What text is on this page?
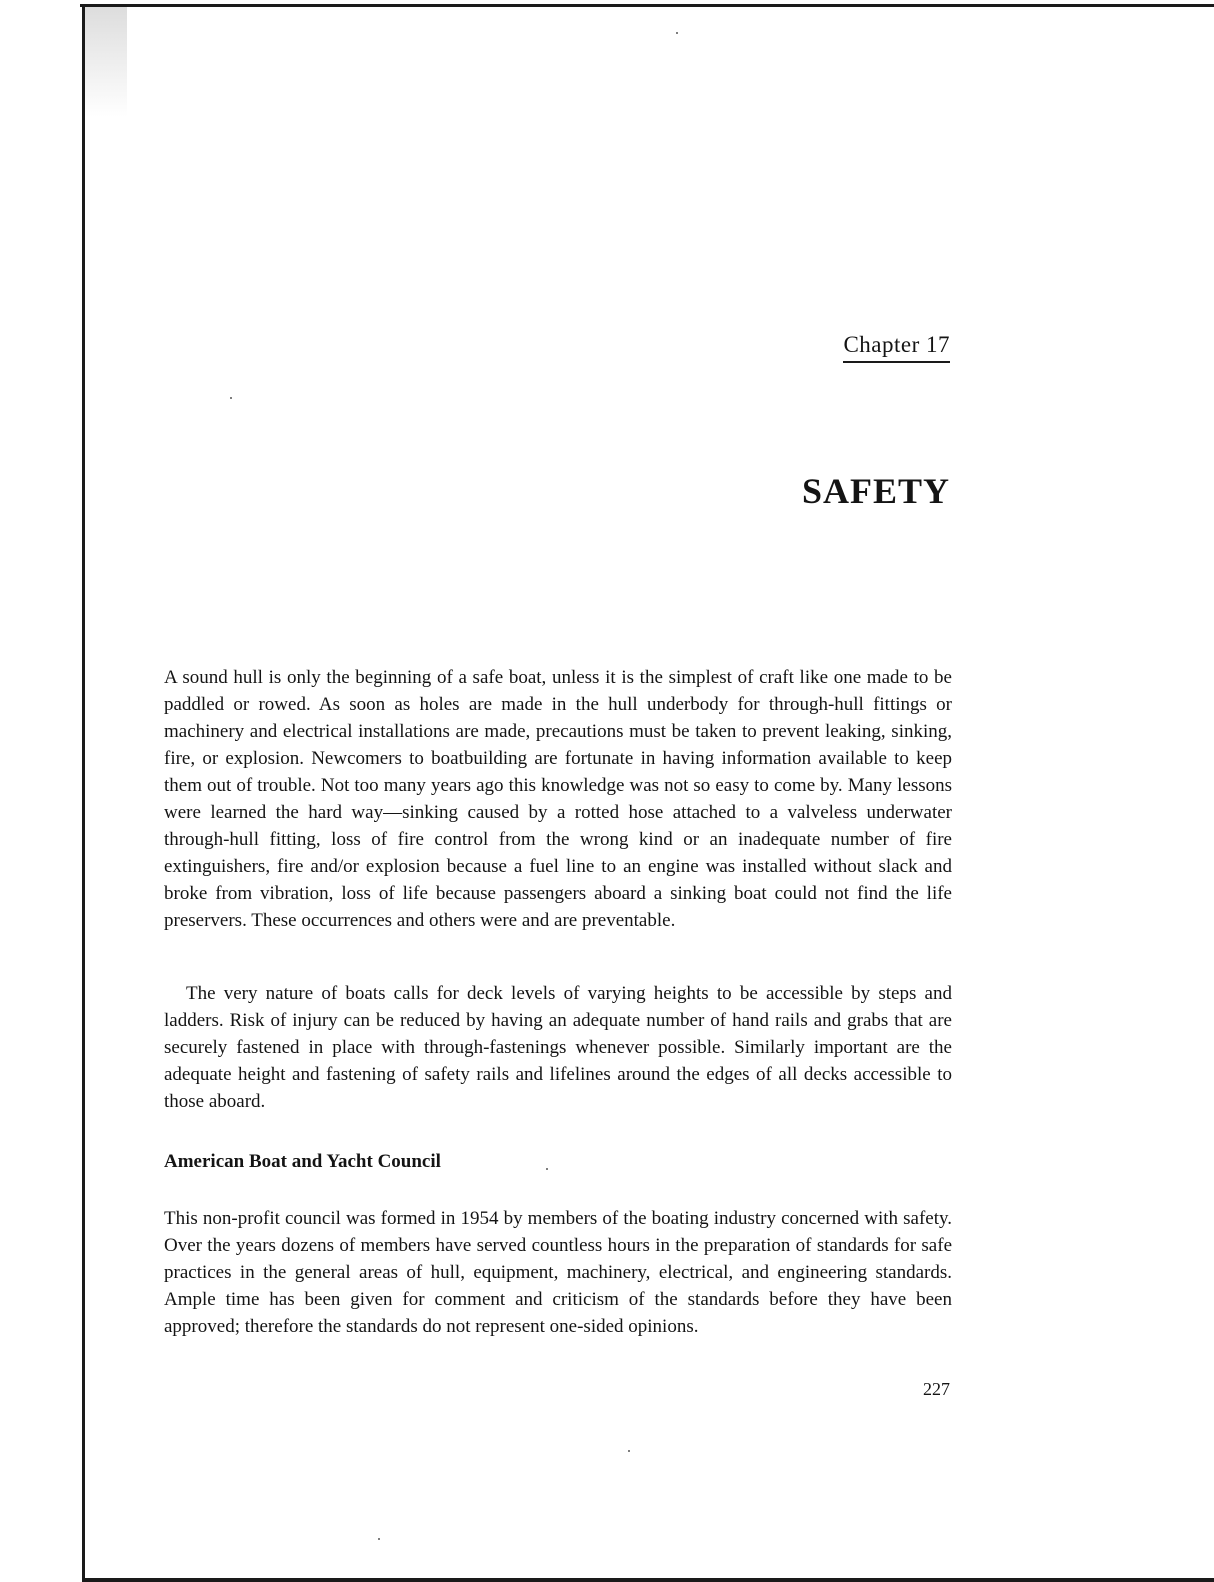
Chapter 17
SAFETY

A sound hull is only the beginning of a safe boat, unless it is the simplest of craft like one made to be paddled or rowed. As soon as holes are made in the hull underbody for through-hull fittings or machinery and electrical installations are made, precautions must be taken to prevent leaking, sinking, fire, or explosion. Newcomers to boatbuilding are fortunate in having information available to keep them out of trouble. Not too many years ago this knowledge was not so easy to come by. Many lessons were learned the hard way—sinking caused by a rotted hose attached to a valveless underwater through-hull fitting, loss of fire control from the wrong kind or an inadequate number of fire extinguishers, fire and/or explosion because a fuel line to an engine was installed without slack and broke from vibration, loss of life because passengers aboard a sinking boat could not find the life preservers. These occurrences and others were and are preventable.

The very nature of boats calls for deck levels of varying heights to be accessible by steps and ladders. Risk of injury can be reduced by having an adequate number of hand rails and grabs that are securely fastened in place with through-fastenings whenever possible. Similarly important are the adequate height and fastening of safety rails and lifelines around the edges of all decks accessible to those aboard.

American Boat and Yacht Council

This non-profit council was formed in 1954 by members of the boating industry concerned with safety. Over the years dozens of members have served countless hours in the preparation of standards for safe practices in the general areas of hull, equipment, machinery, electrical, and engineering standards. Ample time has been given for comment and criticism of the standards before they have been approved; therefore the standards do not represent one-sided opinions.

227
